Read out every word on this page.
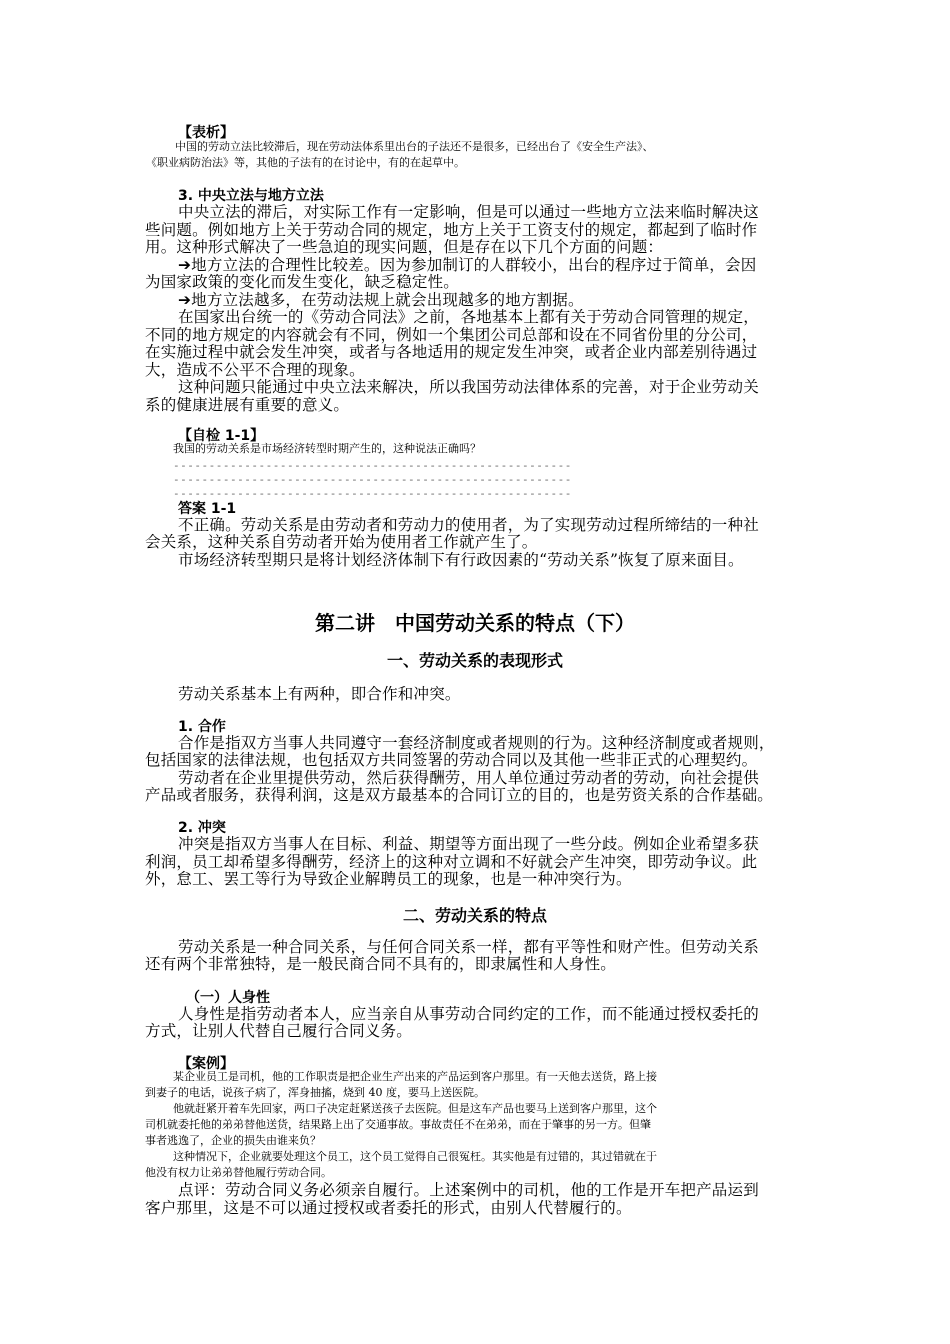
【表析】
中国的劳动立法比较滞后，现在劳动法体系里出台的子法还不是很多，已经出台了《安全生产法》、
《职业病防治法》等，其他的子法有的在讨论中，有的在起草中。
3. 中央立法与地方立法
中央立法的滞后，对实际工作有一定影响，但是可以通过一些地方立法来临时解决这
些问题。例如地方上关于劳动合同的规定，地方上关于工资支付的规定，都起到了临时作
用。这种形式解决了一些急迫的现实问题，但是存在以下几个方面的问题：
➔地方立法的合理性比较差。因为参加制订的人群较小，出台的程序过于简单，会因
为国家政策的变化而发生变化，缺乏稳定性。
➔地方立法越多，在劳动法规上就会出现越多的地方割据。
在国家出台统一的《劳动合同法》之前，各地基本上都有关于劳动合同管理的规定，
不同的地方规定的内容就会有不同，例如一个集团公司总部和设在不同省份里的分公司，
在实施过程中就会发生冲突，或者与各地适用的规定发生冲突，或者企业内部差别待遇过
大，造成不公平不合理的现象。
这种问题只能通过中央立法来解决，所以我国劳动法律体系的完善，对于企业劳动关
系的健康进展有重要的意义。
【自检 1-1】
我国的劳动关系是市场经济转型时期产生的，这种说法正确吗？
--------------------------------------------------------
--------------------------------------------------------
--------------------------------------------------------
答案 1-1
不正确。劳动关系是由劳动者和劳动力的使用者，为了实现劳动过程所缔结的一种社
会关系，这种关系自劳动者开始为使用者工作就产生了。
市场经济转型期只是将计划经济体制下有行政因素的“劳动关系”恢复了原来面目。
第二讲　中国劳动关系的特点（下）
一、劳动关系的表现形式
劳动关系基本上有两种，即合作和冲突。
1. 合作
合作是指双方当事人共同遵守一套经济制度或者规则的行为。这种经济制度或者规则，
包括国家的法律法规，也包括双方共同签署的劳动合同以及其他一些非正式的心理契约。
劳动者在企业里提供劳动，然后获得酬劳，用人单位通过劳动者的劳动，向社会提供
产品或者服务，获得利润，这是双方最基本的合同订立的目的，也是劳资关系的合作基础。
2. 冲突
冲突是指双方当事人在目标、利益、期望等方面出现了一些分歧。例如企业希望多获
利润，员工却希望多得酬劳，经济上的这种对立调和不好就会产生冲突，即劳动争议。此
外，怠工、罢工等行为导致企业解聘员工的现象，也是一种冲突行为。
二、劳动关系的特点
劳动关系是一种合同关系，与任何合同关系一样，都有平等性和财产性。但劳动关系
还有两个非常独特，是一般民商合同不具有的，即隶属性和人身性。
（一）人身性
人身性是指劳动者本人，应当亲自从事劳动合同约定的工作，而不能通过授权委托的
方式，让别人代替自己履行合同义务。
【案例】
某企业员工是司机，他的工作职责是把企业生产出来的产品运到客户那里。有一天他去送货，路上接
到妻子的电话，说孩子病了，浑身抽搐，烧到 40 度，要马上送医院。
他就赶紧开着车先回家，两口子决定赶紧送孩子去医院。但是这车产品也要马上送到客户那里，这个
司机就委托他的弟弟替他送货，结果路上出了交通事故。事故责任不在弟弟，而在于肇事的另一方。但肇
事者逃逸了，企业的损失由谁来负？
这种情况下，企业就要处理这个员工，这个员工觉得自己很冤枉。其实他是有过错的，其过错就在于
他没有权力让弟弟替他履行劳动合同。
点评：劳动合同义务必须亲自履行。上述案例中的司机，他的工作是开车把产品运到
客户那里，这是不可以通过授权或者委托的形式，由别人代替履行的。
